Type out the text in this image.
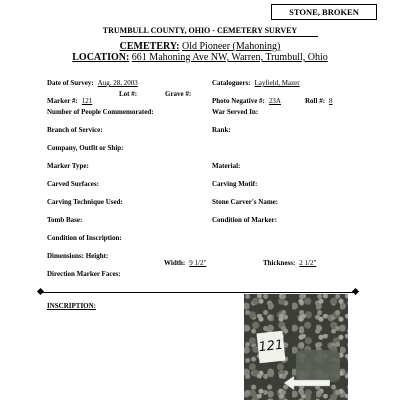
STONE, BROKEN
TRUMBULL COUNTY, OHIO - CEMETERY SURVEY
CEMETERY: Old Pioneer (Mahoning)
LOCATION: 661 Mahoning Ave NW, Warren, Trumbull, Ohio
Date of Survey: Aug. 28, 2003	Cataloguers: Layfield, Mazer
Marker #: 121
Lot #:	Grave #:
Photo Negative #: 23A	Roll #: 8
Number of People Commemorated:	War Served In:
Branch of Service:	Rank:
Company, Outfit or Ship:
Marker Type:	Material:
Carved Surfaces:	Carving Motif:
Carving Technique Used:	Stone Carver's Name:
Tomb Base:	Condition of Marker:
Condition of Inscription:
Dimensions: Height:
Width: 9 1/2"	Thickness: 2 1/2"
Direction Marker Faces:
INSCRIPTION:
121
